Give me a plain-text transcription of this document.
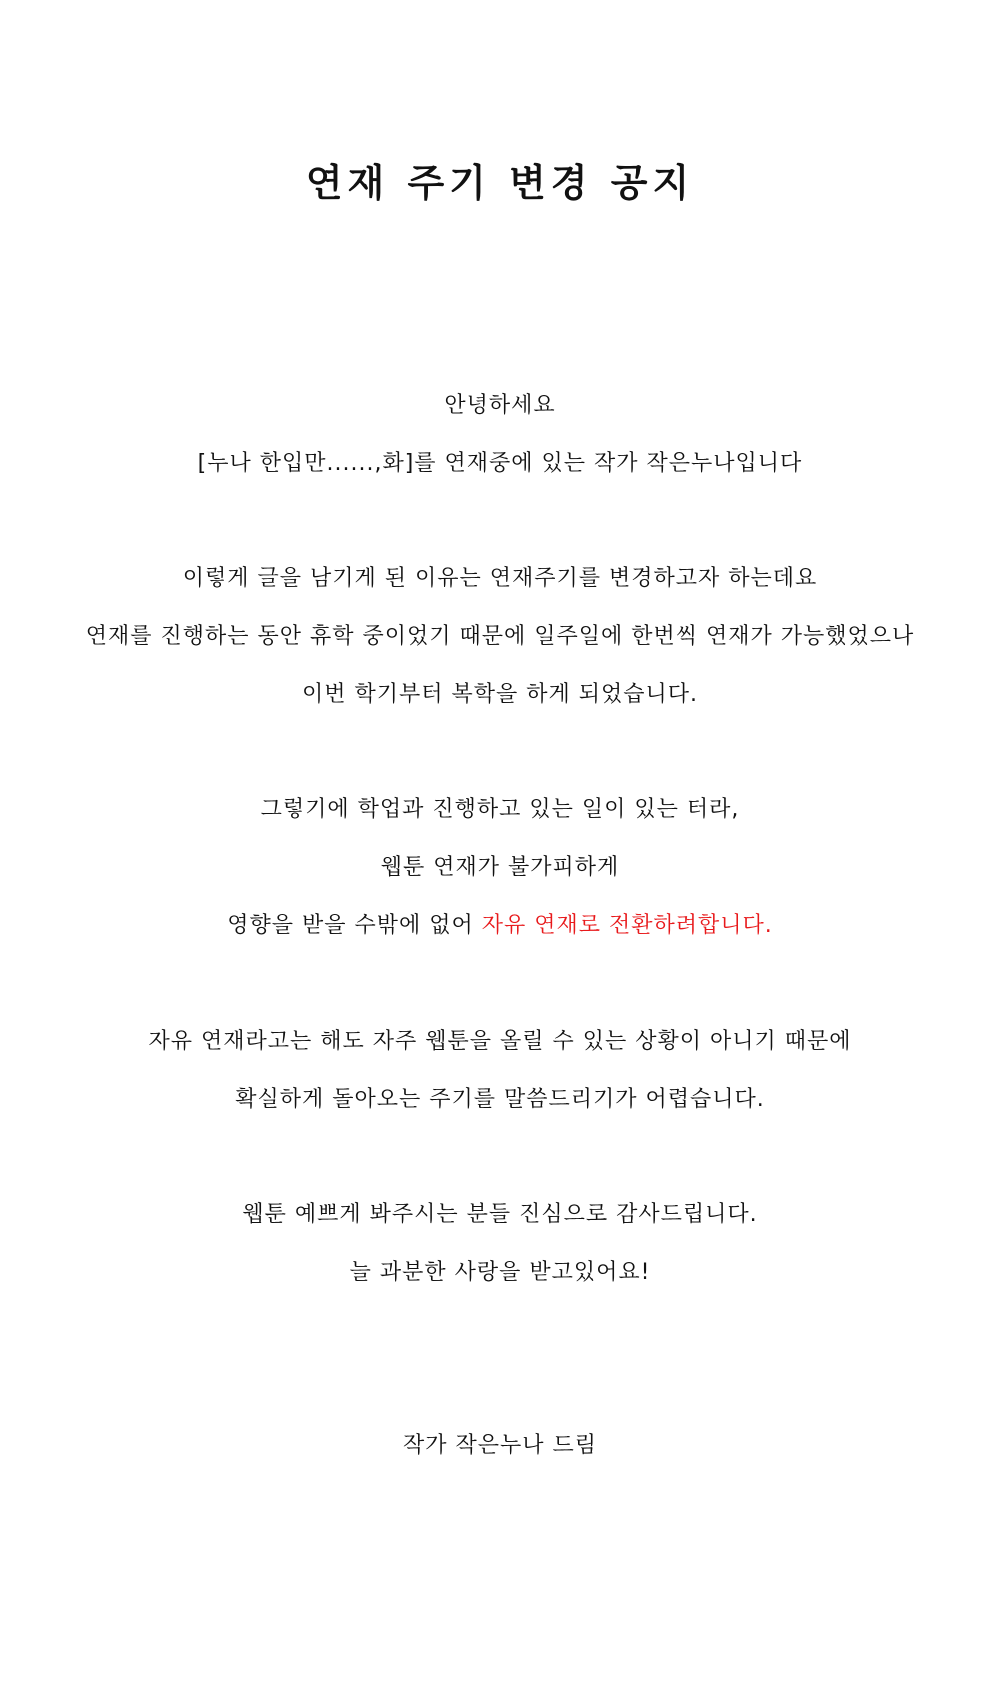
연재 주기 변경 공지
안녕하세요
[누나 한입만......,화]를 연재중에 있는 작가 작은누나입니다
이렇게 글을 남기게 된 이유는 연재주기를 변경하고자 하는데요
연재를 진행하는 동안 휴학 중이었기 때문에 일주일에 한번씩 연재가 가능했었으나
이번 학기부터 복학을 하게 되었습니다.
그렇기에 학업과 진행하고 있는 일이 있는 터라,
웹툰 연재가 불가피하게
영향을 받을 수밖에 없어 자유 연재로 전환하려합니다.
자유 연재라고는 해도 자주 웹툰을 올릴 수 있는 상황이 아니기 때문에
확실하게 돌아오는 주기를 말씀드리기가 어렵습니다.
웹툰 예쁘게 봐주시는 분들 진심으로 감사드립니다.
늘 과분한 사랑을 받고있어요!
작가 작은누나 드림
